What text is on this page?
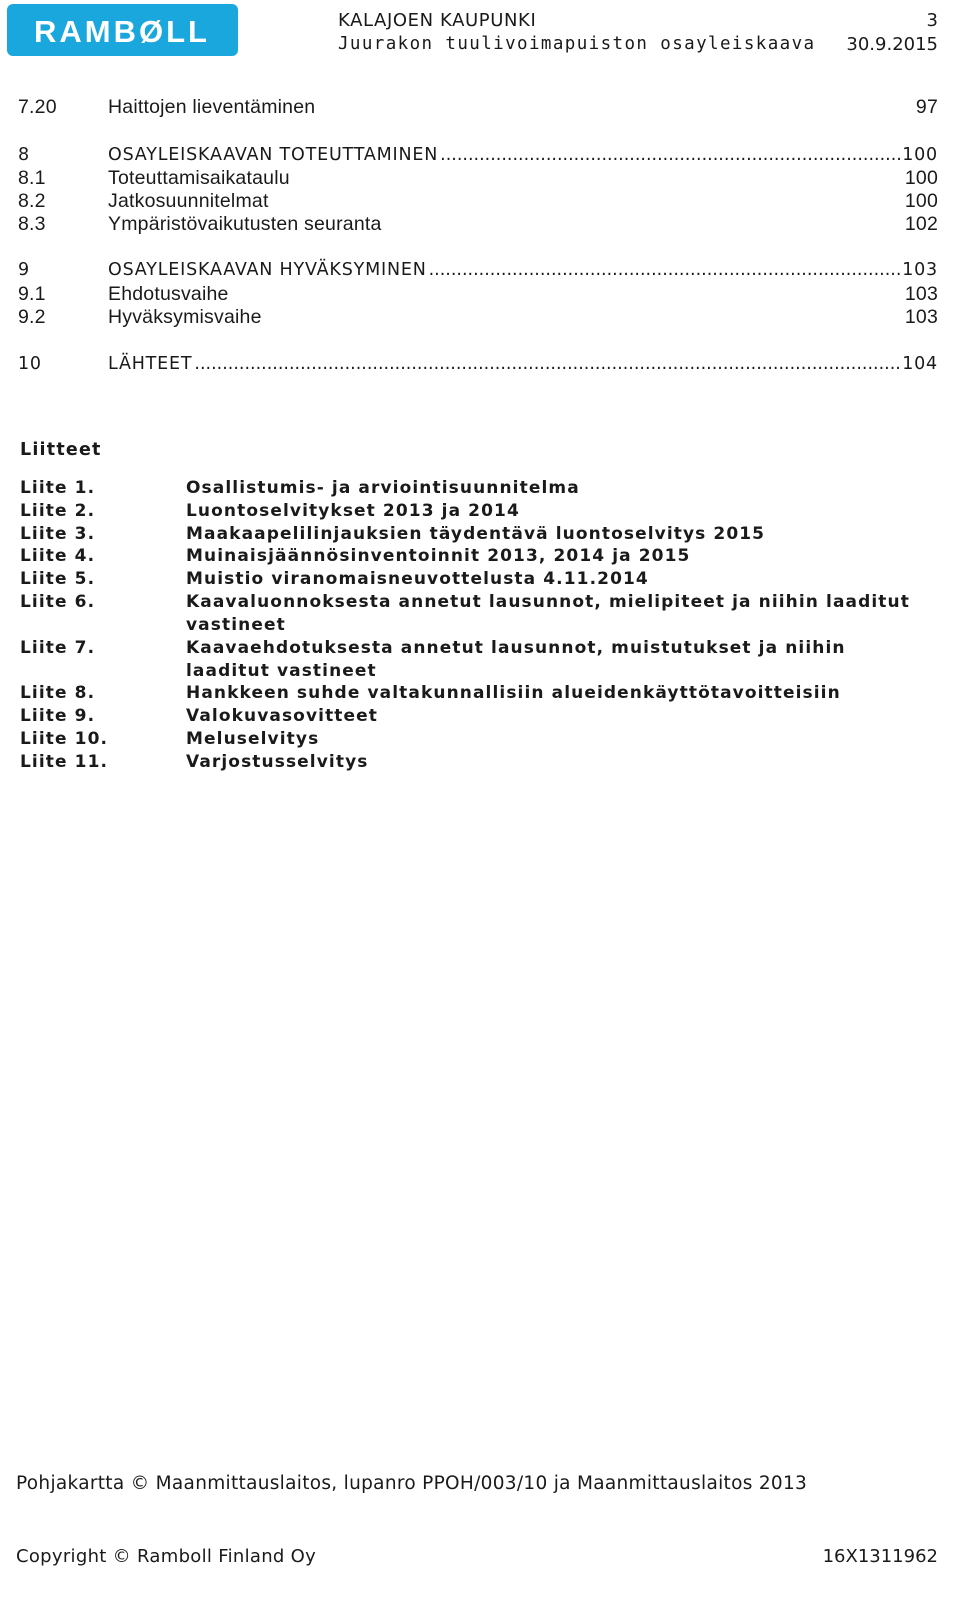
RAMBØLL	KALAJOEN KAUPUNKI
Juurakon tuulivoimapuiston osayleiskaava
3
30.9.2015
7.20	Haittojen lieventäminen	97
8	OSAYLEISKAAVAN TOTEUTTAMINEN .....	100
8.1	Toteuttamisaikataulu	100
8.2	Jatkosuunnitelmat	100
8.3	Ympäristövaikutusten seuranta	102
9	OSAYLEISKAAVAN HYVÄKSYMINEN .....	103
9.1	Ehdotusvaihe	103
9.2	Hyväksymisvaihe	103
10	LÄHTEET .....	104
Liitteet
Liite 1.	Osallistumis- ja arviointisuunnitelma
Liite 2.	Luontoselvitykset 2013 ja 2014
Liite 3.	Maakaapelilinjauksien täydentävä luontoselvitys 2015
Liite 4.	Muinaisjäännösinventoinnit 2013, 2014 ja 2015
Liite 5.	Muistio viranomaisneuvottelusta 4.11.2014
Liite 6.	Kaavaluonnoksesta annetut lausunnot, mielipiteet ja niihin laaditut vastineet
Liite 7.	Kaavaehdotuksesta annetut lausunnot, muistutukset ja niihin laaditut vastineet
Liite 8.	Hankkeen suhde valtakunnallisiin alueidenkäyttötavoitteisiin
Liite 9.	Valokuvasovitteet
Liite 10.	Meluselvitys
Liite 11.	Varjostusselvitys
Pohjakartta © Maanmittauslaitos, lupanro PPOH/003/10 ja Maanmittauslaitos 2013
Copyright © Ramboll Finland Oy	16X1311962
